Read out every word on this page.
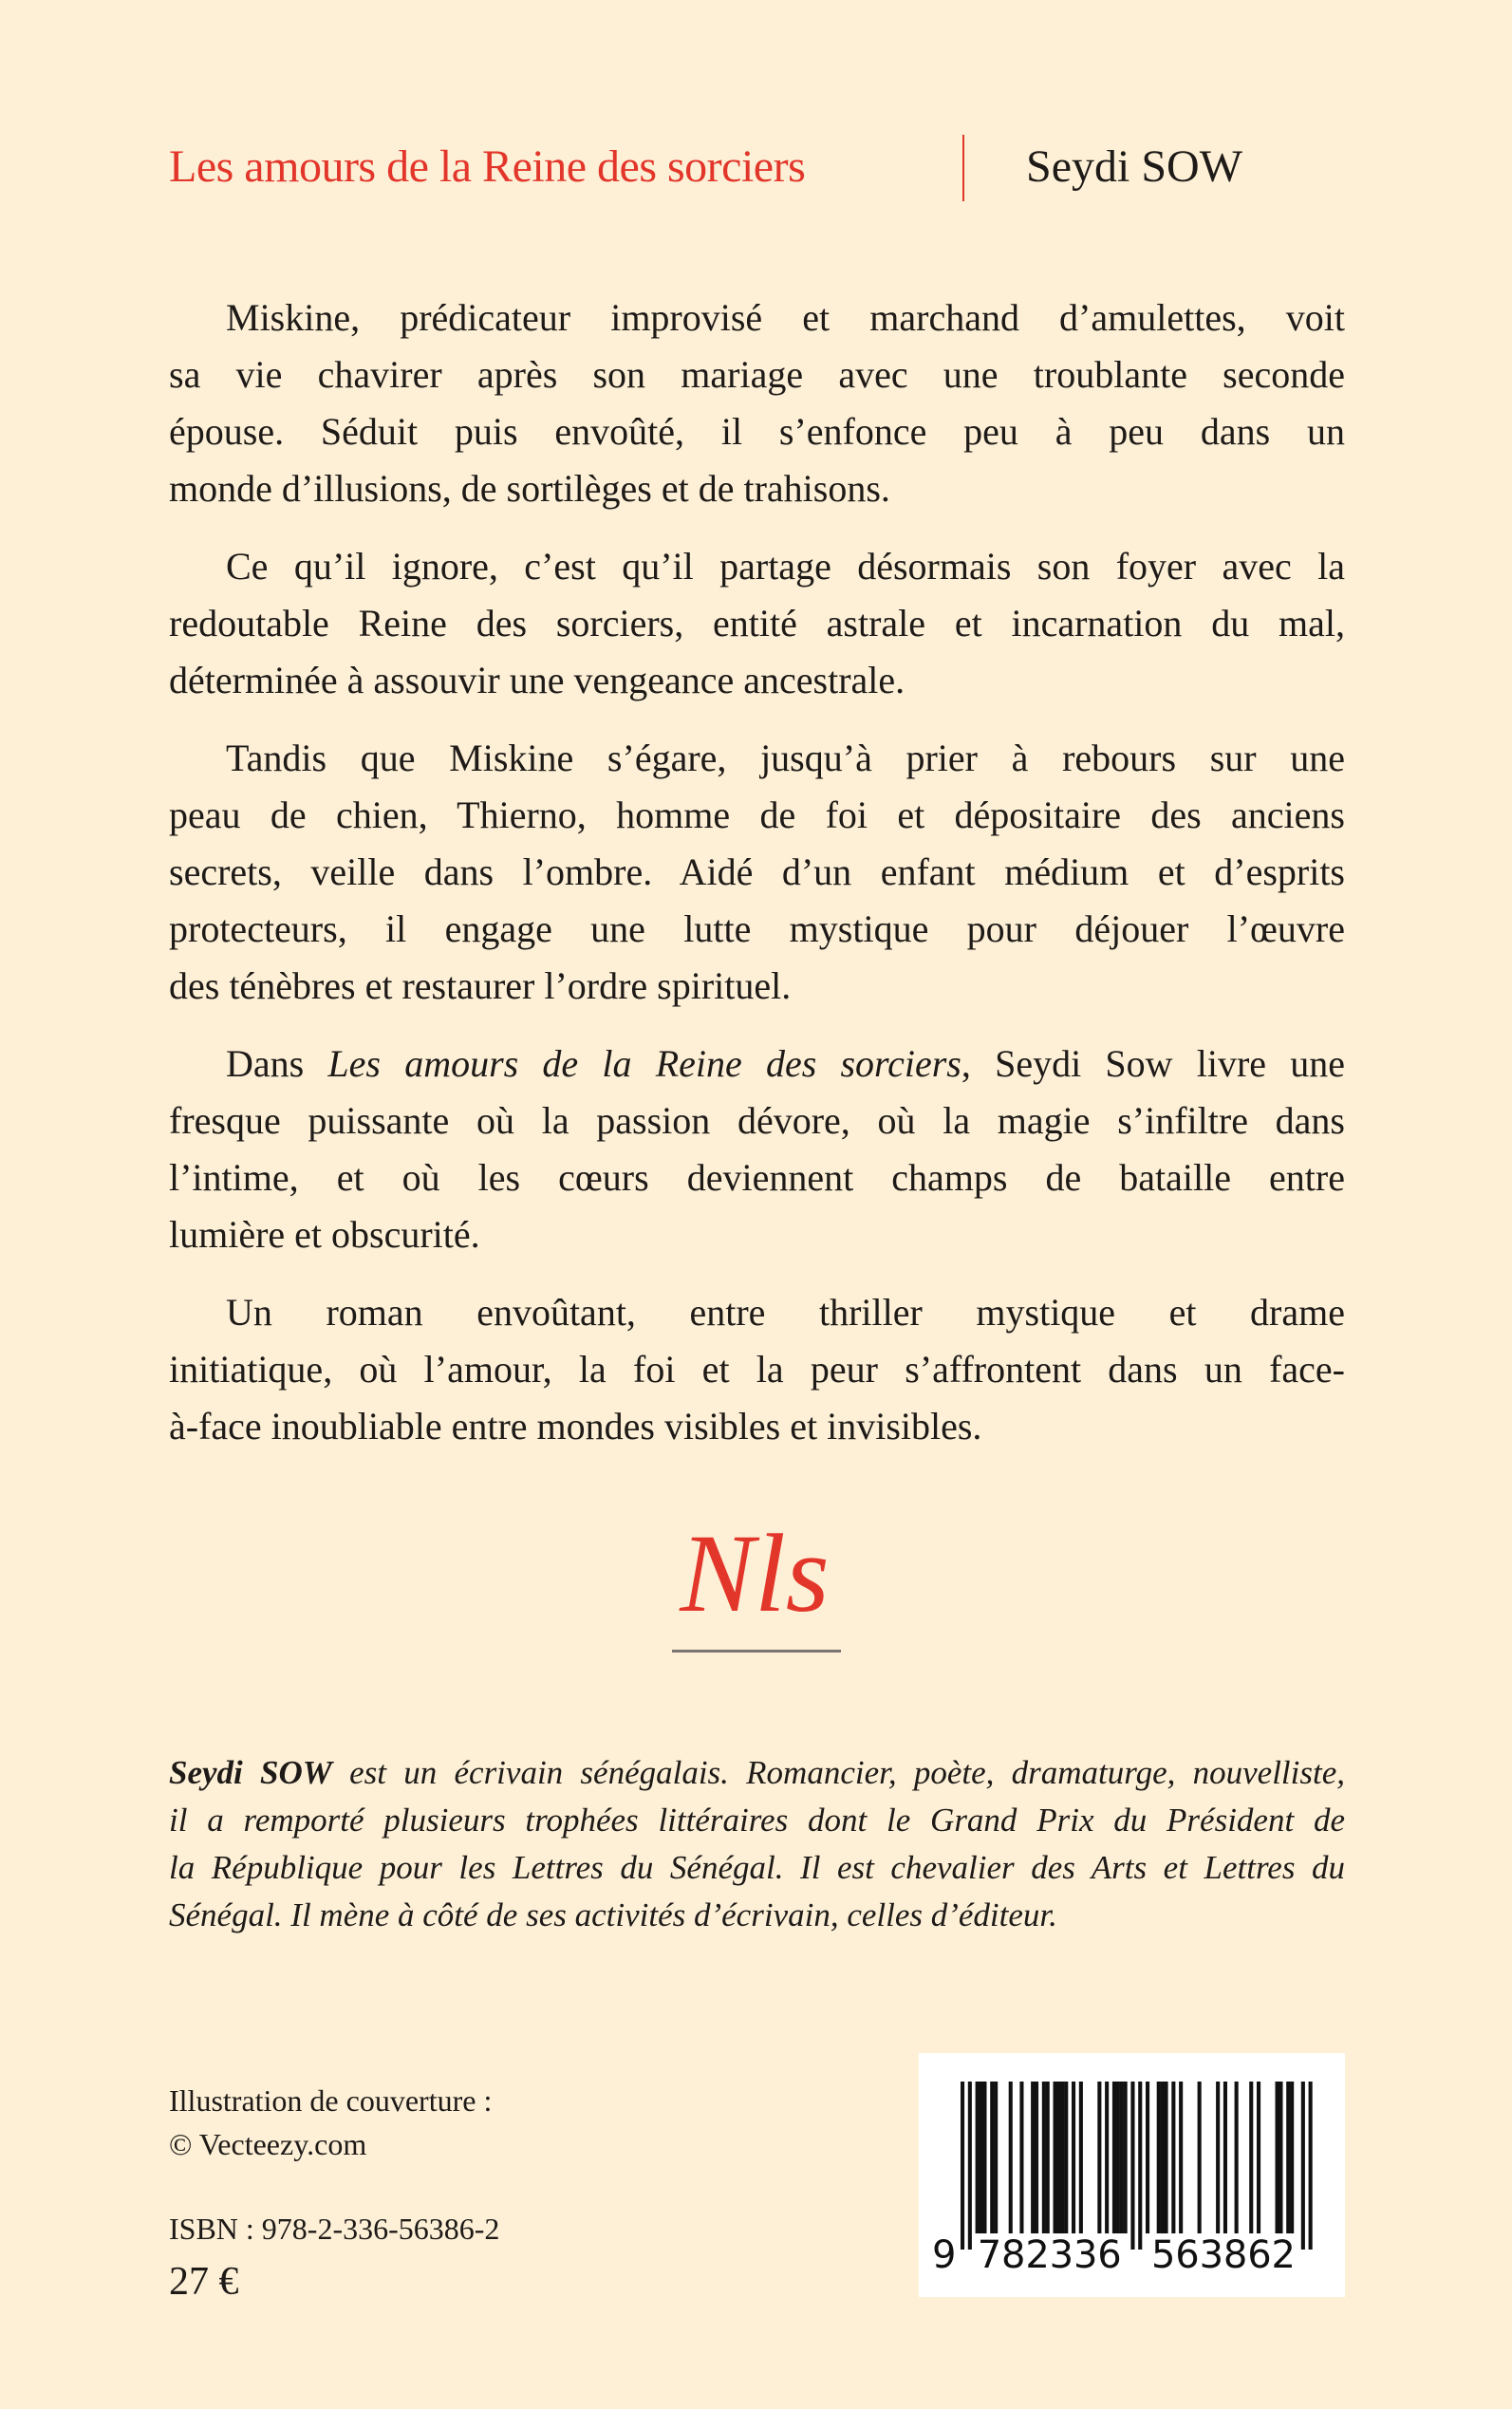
Les amours de la Reine des sorciers	Seydi SOW
Miskine, prédicateur improvisé et marchand d’amulettes, voit
sa vie chavirer après son mariage avec une troublante seconde
épouse. Séduit puis envoûté, il s’enfonce peu à peu dans un
monde d’illusions, de sortilèges et de trahisons.
Ce qu’il ignore, c’est qu’il partage désormais son foyer avec la
redoutable Reine des sorciers, entité astrale et incarnation du mal,
déterminée à assouvir une vengeance ancestrale.
Tandis que Miskine s’égare, jusqu’à prier à rebours sur une
peau de chien, Thierno, homme de foi et dépositaire des anciens
secrets, veille dans l’ombre. Aidé d’un enfant médium et d’esprits
protecteurs, il engage une lutte mystique pour déjouer l’œuvre
des ténèbres et restaurer l’ordre spirituel.
Dans Les amours de la Reine des sorciers, Seydi Sow livre une
fresque puissante où la passion dévore, où la magie s’infiltre dans
l’intime, et où les cœurs deviennent champs de bataille entre
lumière et obscurité.
Un roman envoûtant, entre thriller mystique et drame
initiatique, où l’amour, la foi et la peur s’affrontent dans un face-
à-face inoubliable entre mondes visibles et invisibles.
Nls
Seydi SOW est un écrivain sénégalais. Romancier, poète, dramaturge, nouvelliste,
il a remporté plusieurs trophées littéraires dont le Grand Prix du Président de
la République pour les Lettres du Sénégal. Il est chevalier des Arts et Lettres du
Sénégal. Il mène à côté de ses activités d’écrivain, celles d’éditeur.
Illustration de couverture :
© Vecteezy.com
ISBN : 978-2-336-56386-2
27 €
9 782336 563862
